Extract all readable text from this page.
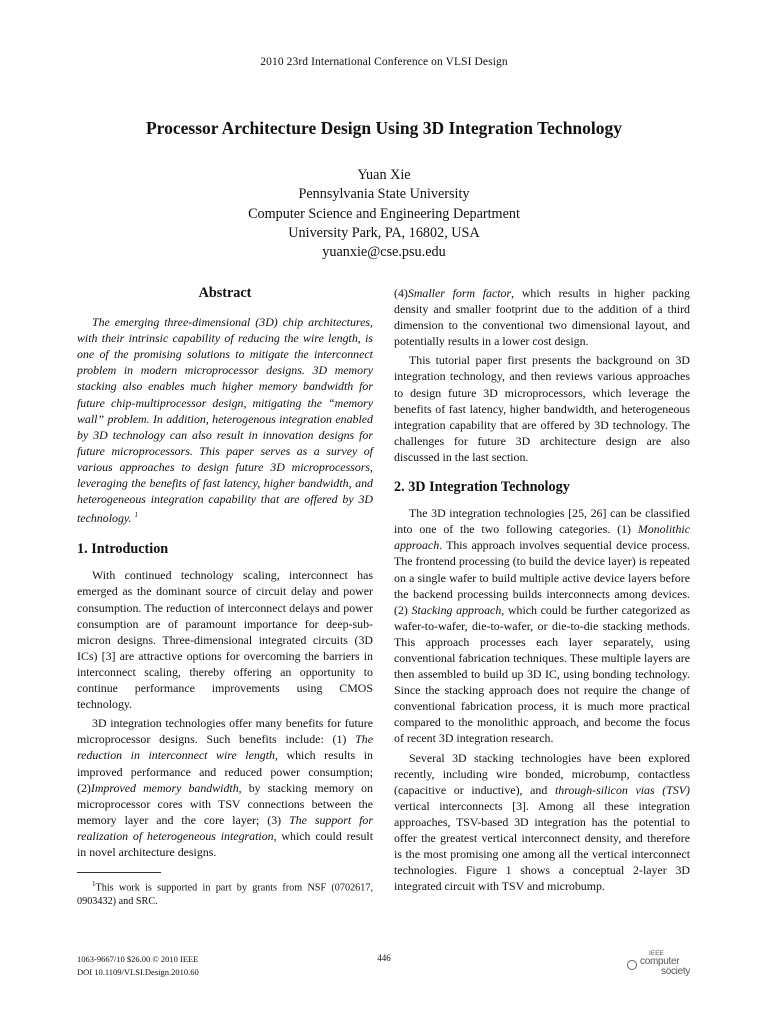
2010 23rd International Conference on VLSI Design
Processor Architecture Design Using 3D Integration Technology
Yuan Xie
Pennsylvania State University
Computer Science and Engineering Department
University Park, PA, 16802, USA
yuanxie@cse.psu.edu
Abstract

The emerging three-dimensional (3D) chip architectures, with their intrinsic capability of reducing the wire length, is one of the promising solutions to mitigate the interconnect problem in modern microprocessor designs. 3D memory stacking also enables much higher memory bandwidth for future chip-multiprocessor design, mitigating the “memory wall” problem. In addition, heterogenous integration enabled by 3D technology can also result in innovation designs for future microprocessors. This paper serves as a survey of various approaches to design future 3D microprocessors, leveraging the benefits of fast latency, higher bandwidth, and heterogeneous integration capability that are offered by 3D technology. $^1$

1. Introduction

With continued technology scaling, interconnect has emerged as the dominant source of circuit delay and power consumption. The reduction of interconnect delays and power consumption are of paramount importance for deep-sub-micron designs. Three-dimensional integrated circuits (3D ICs) [3] are attractive options for overcoming the barriers in interconnect scaling, thereby offering an opportunity to continue performance improvements using CMOS technology.

3D integration technologies offer many benefits for future microprocessor designs. Such benefits include: (1) The reduction in interconnect wire length, which results in improved performance and reduced power consumption; (2)Improved memory bandwidth, by stacking memory on microprocessor cores with TSV connections between the memory layer and the core layer; (3) The support for realization of heterogeneous integration, which could result in novel architecture designs.

$^1$This work is supported in part by grants from NSF (0702617, 0903432) and SRC.

(4)Smaller form factor, which results in higher packing density and smaller footprint due to the addition of a third dimension to the conventional two dimensional layout, and potentially results in a lower cost design.

This tutorial paper first presents the background on 3D integration technology, and then reviews various approaches to design future 3D microprocessors, which leverage the benefits of fast latency, higher bandwidth, and heterogeneous integration capability that are offered by 3D technology. The challenges for future 3D architecture design are also discussed in the last section.

2. 3D Integration Technology

The 3D integration technologies [25, 26] can be classified into one of the two following categories. (1) Monolithic approach. This approach involves sequential device process. The frontend processing (to build the device layer) is repeated on a single wafer to build multiple active device layers before the backend processing builds interconnects among devices. (2) Stacking approach, which could be further categorized as wafer-to-wafer, die-to-wafer, or die-to-die stacking methods. This approach processes each layer separately, using conventional fabrication techniques. These multiple layers are then assembled to build up 3D IC, using bonding technology. Since the stacking approach does not require the change of conventional fabrication process, it is much more practical compared to the monolithic approach, and become the focus of recent 3D integration research.

Several 3D stacking technologies have been explored recently, including wire bonded, microbump, contactless (capacitive or inductive), and through-silicon vias (TSV) vertical interconnects [3]. Among all these integration approaches, TSV-based 3D integration has the potential to offer the greatest vertical interconnect density, and therefore is the most promising one among all the vertical interconnect technologies. Figure 1 shows a conceptual 2-layer 3D integrated circuit with TSV and microbump.

1063-9667/10 $26.00 © 2010 IEEE
DOI 10.1109/VLSI.Design.2010.60
446	IEEE
computer
society
